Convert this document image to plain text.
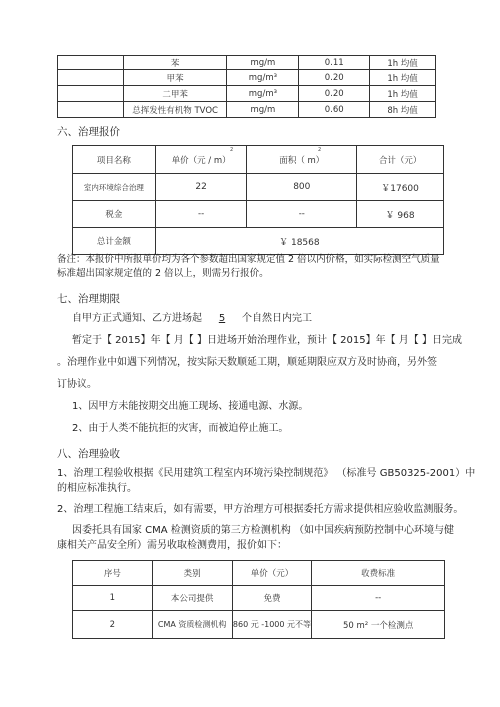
	苯	mg/m	0.11	1h 均值
	甲苯	mg/m³	0.20	1h 均值
	二甲苯	mg/m³	0.20	1h 均值
	总挥发性有机物 TVOC	mg/m	0.60	8h 均值
六、治理报价
项目名称	单价（元 / m）	面积（ m）	合计（元）
室内环境综合治理	22	800	￥17600
税金	--	--	￥ 968
总计金额	￥ 18568		
2	2
备注：本报价中所报单价均为各个参数超出国家规定值 2 倍以内价格，如实际检测空气质量
标准超出国家规定值的 2 倍以上，则需另行报价。
七、治理期限
自甲方正式通知、乙方进场起 5 个自然日内完工
暂定于【 2015】年【 月【 】日进场开始治理作业，预计【 2015】年【 月【 】日完成
。治理作业中如遇下列情况，按实际天数顺延工期，顺延期限应双方及时协商，另外签
订协议。
1、因甲方未能按期交出施工现场、接通电源、水源。
2、由于人类不能抗拒的灾害，而被迫停止施工。
八、治理验收
1、治理工程验收根据《民用建筑工程室内环境污染控制规范》 （标准号 GB50325-2001）中
的相应标准执行。
2、治理工程施工结束后，如有需要，甲方治理方可根据委托方需求提供相应验收监测服务。
因委托具有国家 CMA 检测资质的第三方检测机构 （如中国疾病预防控制中心环境与健
康相关产品安全所）需另收取检测费用，报价如下：
序号	类别	单价（元）	收费标准
1	本公司提供	免费	--
2	CMA 资质检测机构	860 元 -1000 元不等	50 m² 一个检测点
